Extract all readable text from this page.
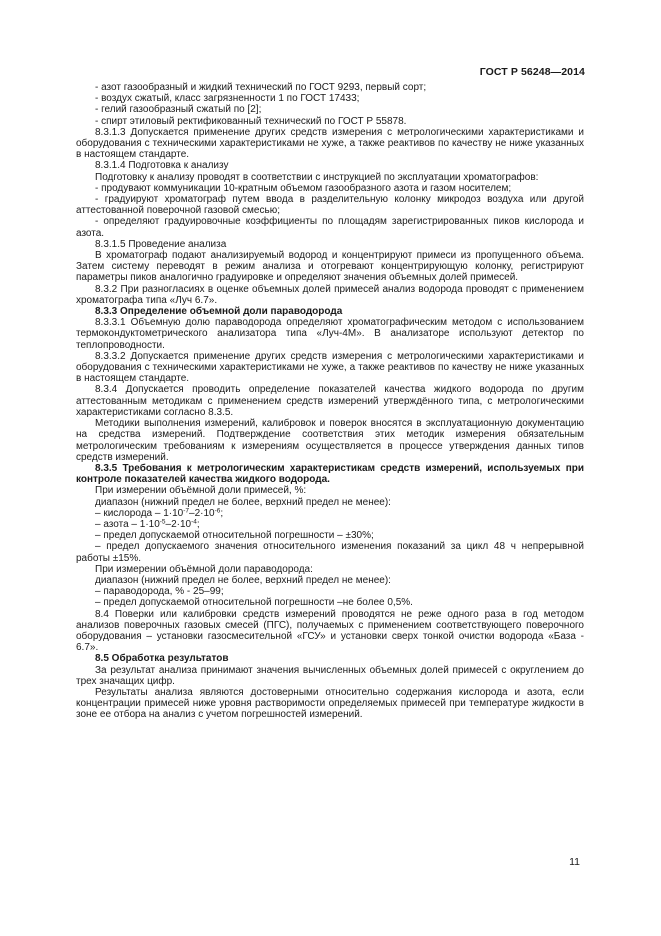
ГОСТ Р 56248—2014

- азот газообразный и жидкий технический по ГОСТ 9293, первый сорт;

- воздух сжатый, класс загрязненности 1 по ГОСТ 17433;

- гелий газообразный сжатый по [2];

- спирт этиловый ректификованный технический по ГОСТ Р 55878.

8.3.1.3 Допускается применение других средств измерения с метрологическими характеристиками и оборудования с техническими характеристиками не хуже, а также реактивов по качеству не ниже указанных в настоящем стандарте.

8.3.1.4 Подготовка к анализу

Подготовку к анализу проводят в соответствии с инструкцией по эксплуатации хроматографов:

- продувают коммуникации 10-кратным объемом газообразного азота и газом носителем;

- градуируют хроматограф путем ввода в разделительную колонку микродоз воздуха или другой аттестованной поверочной газовой смесью;

- определяют градуировочные коэффициенты по площадям зарегистрированных пиков кислорода и азота.

8.3.1.5 Проведение анализа

В хроматограф подают анализируемый водород и концентрируют примеси из пропущенного объема. Затем систему переводят в режим анализа и отогревают концентрирующую колонку, регистрируют параметры пиков аналогично градуировке и определяют значения объемных долей примесей.

8.3.2 При разногласиях в оценке объемных долей примесей анализ водорода проводят с применением хроматографа типа «Луч 6.7».

8.3.3 Определение объемной доли параводорода

8.3.3.1 Объемную долю параводорода определяют хроматографическим методом с использованием термокондуктометрического анализатора типа «Луч-4М». В анализаторе используют детектор по теплопроводности.

8.3.3.2 Допускается применение других средств измерения с метрологическими характеристиками и оборудования с техническими характеристиками не хуже, а также реактивов по качеству не ниже указанных в настоящем стандарте.

8.3.4 Допускается проводить определение показателей качества жидкого водорода по другим аттестованным методикам с применением средств измерений утверждённого типа, с метрологическими характеристиками согласно 8.3.5.

Методики выполнения измерений, калибровок и поверок вносятся в эксплуатационную документацию на средства измерений. Подтверждение соответствия этих методик измерения обязательным метрологическим требованиям к измерениям осуществляется в процессе утверждения данных типов средств измерений.

8.3.5 Требования к метрологическим характеристикам средств измерений, используемых при контроле показателей качества жидкого водорода.

При измерении объёмной доли примесей, %:

диапазон (нижний предел не более, верхний предел не менее):

– кислорода – $1\cdot 10^{-7}-2\cdot 10^{-6}$;

– азота – $1\cdot 10^{-5}-2\cdot 10^{-4}$;

– предел допускаемой относительной погрешности – ±30%;

– предел допускаемого значения относительного изменения показаний за цикл 48 ч непрерывной работы ±15%.

При измерении объёмной доли параводорода:

диапазон (нижний предел не более, верхний предел не менее):

– параводорода, % - 25–99;

– предел допускаемой относительной погрешности –не более 0,5%.

8.4 Поверки или калибровки средств измерений проводятся не реже одного раза в год методом анализов поверочных газовых смесей (ПГС), получаемых с применением соответствующего поверочного оборудования – установки газосмесительной «ГСУ» и установки сверх тонкой очистки водорода «База - 6.7».

8.5 Обработка результатов

За результат анализа принимают значения вычисленных объемных долей примесей с округлением до трех значащих цифр.

Результаты анализа являются достоверными относительно содержания кислорода и азота, если концентрации примесей ниже уровня растворимости определяемых примесей при температуре жидкости в зоне ее отбора на анализ с учетом погрешностей измерений.

11
